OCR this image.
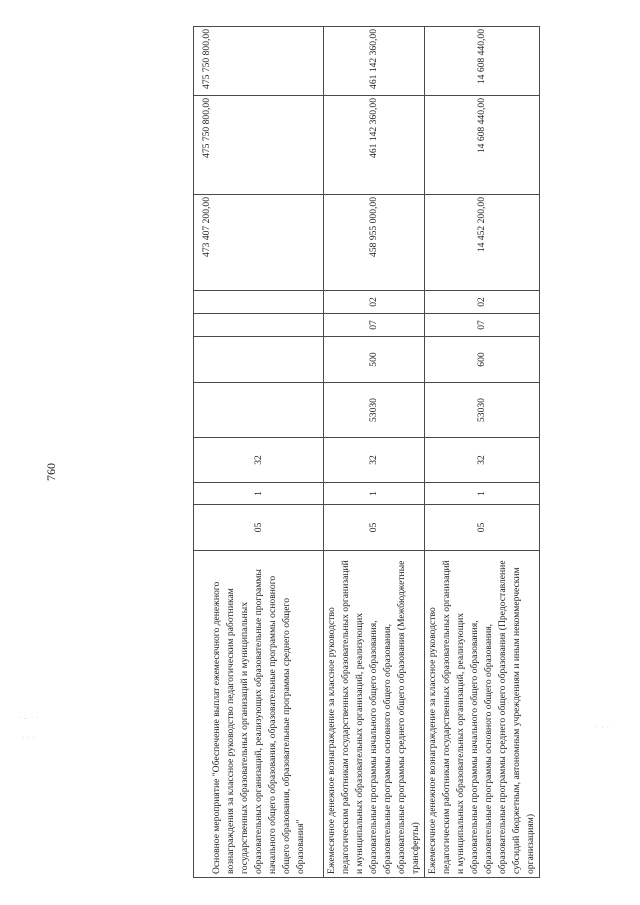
760
· .. · ·
: · ·
· · ·
Основное мероприятие "Обеспечение выплат ежемесячного денежного вознаграждения за классное руководство педагогическим работникам государственных образовательных организаций и муниципальных образовательных организаций, реализующих образовательные программы начального общего образования, образовательные программы основного общего образования, образовательные программы среднего общего образования"	05	1	32					473 407 200,00	475 750 800,00	475 750 800,00
Ежемесячное денежное вознаграждение за классное руководство педагогическим работникам государственных образовательных организаций и муниципальных образовательных организаций, реализующих образовательные программы начального общего образования, образовательные программы основного общего образования, образовательные программы среднего общего образования (Межбюджетные трансферты)	05	1	32	53030	500	07	02	458 955 000,00	461 142 360,00	461 142 360,00
Ежемесячное денежное вознаграждение за классное руководство педагогическим работникам государственных образовательных организаций и муниципальных образовательных организаций, реализующих образовательные программы начального общего образования, образовательные программы основного общего образования, образовательные программы среднего общего образования (Предоставление субсидий бюджетным, автономным учреждениям и иным некоммерческим организациям)	05	1	32	53030	600	07	02	14 452 200,00	14 608 440,00	14 608 440,00
